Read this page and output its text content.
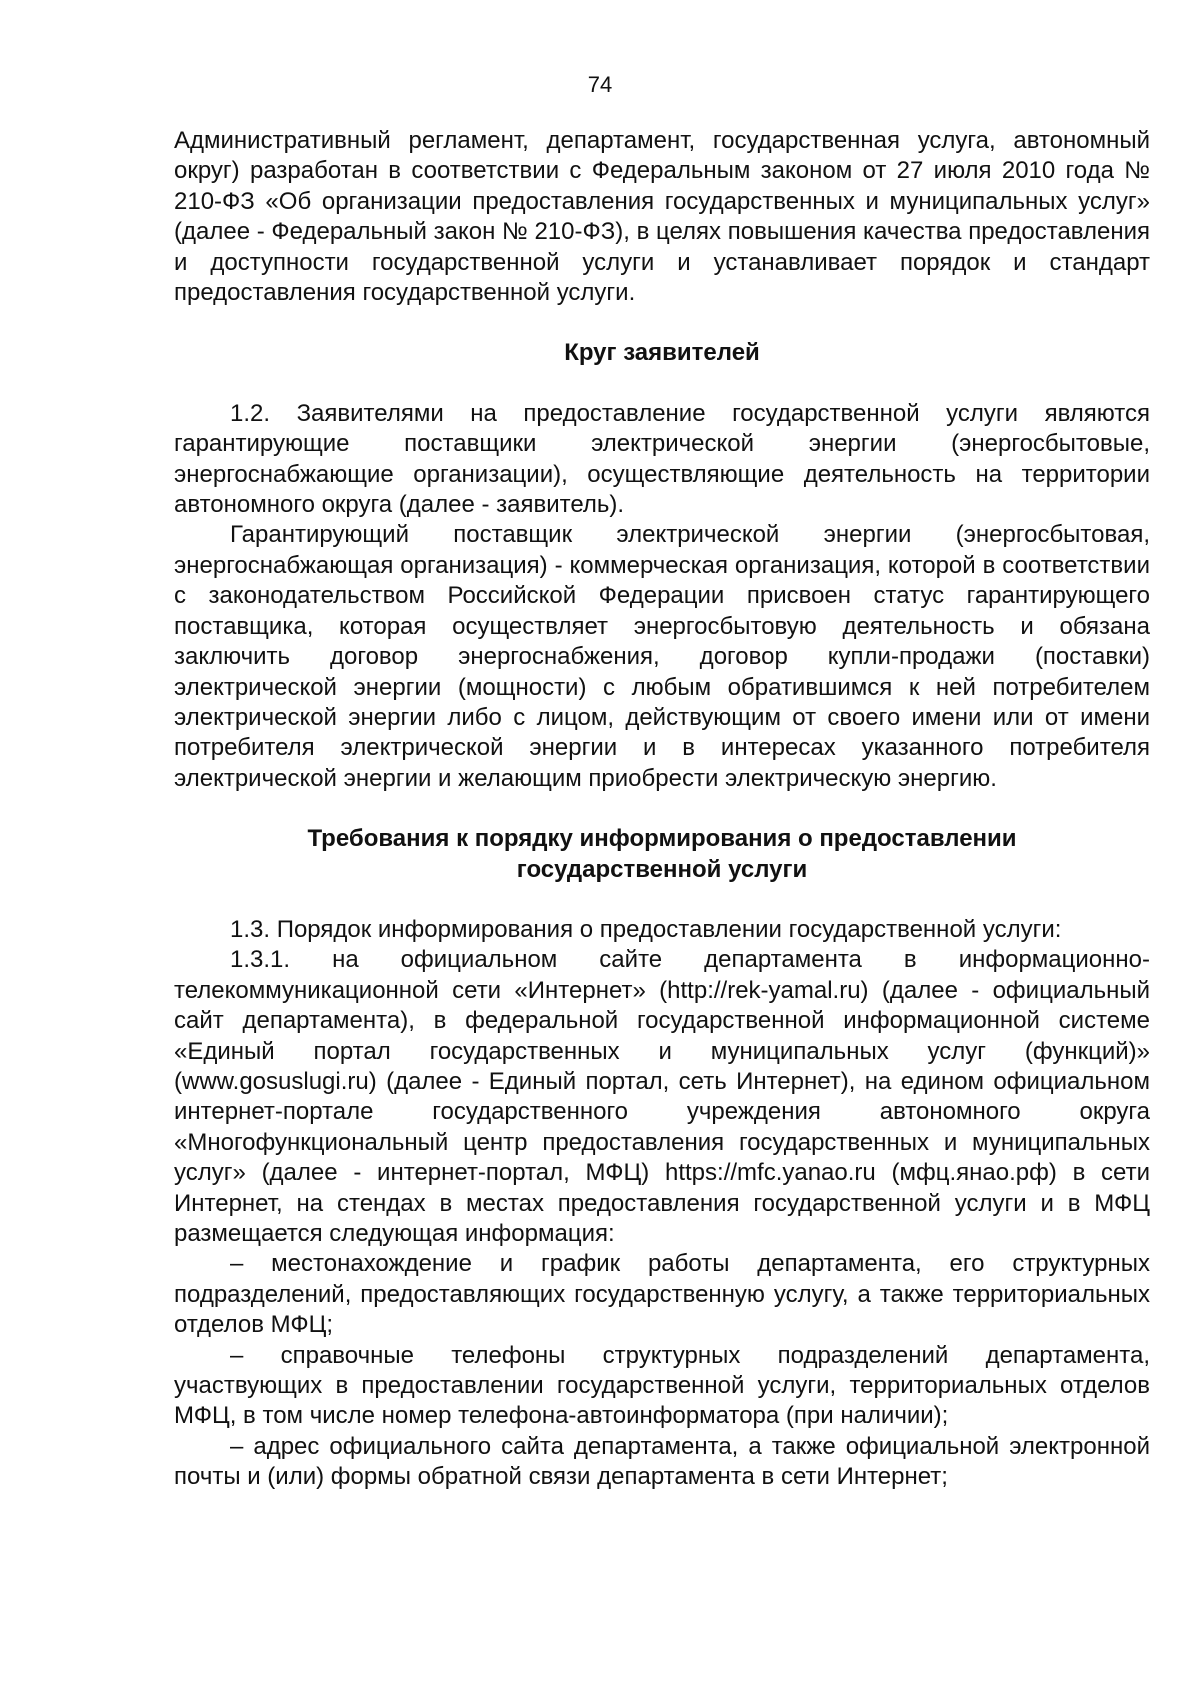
74

Административный регламент, департамент, государственная услуга, автономный округ) разработан в соответствии с Федеральным законом от 27 июля 2010 года № 210-ФЗ «Об организации предоставления государственных и муниципальных услуг» (далее - Федеральный закон № 210-ФЗ), в целях повышения качества предоставления и доступности государственной услуги и устанавливает порядок и стандарт предоставления государственной услуги.

Круг заявителей

1.2. Заявителями на предоставление государственной услуги являются гарантирующие поставщики электрической энергии (энергосбытовые, энергоснабжающие организации), осуществляющие деятельность на территории автономного округа (далее - заявитель).

Гарантирующий поставщик электрической энергии (энергосбытовая, энергоснабжающая организация) - коммерческая организация, которой в соответствии с законодательством Российской Федерации присвоен статус гарантирующего поставщика, которая осуществляет энергосбытовую деятельность и обязана заключить договор энергоснабжения, договор купли-продажи (поставки) электрической энергии (мощности) с любым обратившимся к ней потребителем электрической энергии либо с лицом, действующим от своего имени или от имени потребителя электрической энергии и в интересах указанного потребителя электрической энергии и желающим приобрести электрическую энергию.

Требования к порядку информирования о предоставлении
государственной услуги

1.3. Порядок информирования о предоставлении государственной услуги:

1.3.1. на официальном сайте департамента в информационно-телекоммуникационной сети «Интернет» (http://rek-yamal.ru) (далее - официальный сайт департамента), в федеральной государственной информационной системе «Единый портал государственных и муниципальных услуг (функций)» (www.gosuslugi.ru) (далее - Единый портал, сеть Интернет), на едином официальном интернет-портале государственного учреждения автономного округа «Многофункциональный центр предоставления государственных и муниципальных услуг» (далее - интернет-портал, МФЦ) https://mfc.yanao.ru (мфц.янао.рф) в сети Интернет, на стендах в местах предоставления государственной услуги и в МФЦ размещается следующая информация:

– местонахождение и график работы департамента, его структурных подразделений, предоставляющих государственную услугу, а также территориальных отделов МФЦ;

– справочные телефоны структурных подразделений департамента, участвующих в предоставлении государственной услуги, территориальных отделов МФЦ, в том числе номер телефона-автоинформатора (при наличии);

– адрес официального сайта департамента, а также официальной электронной почты и (или) формы обратной связи департамента в сети Интернет;
